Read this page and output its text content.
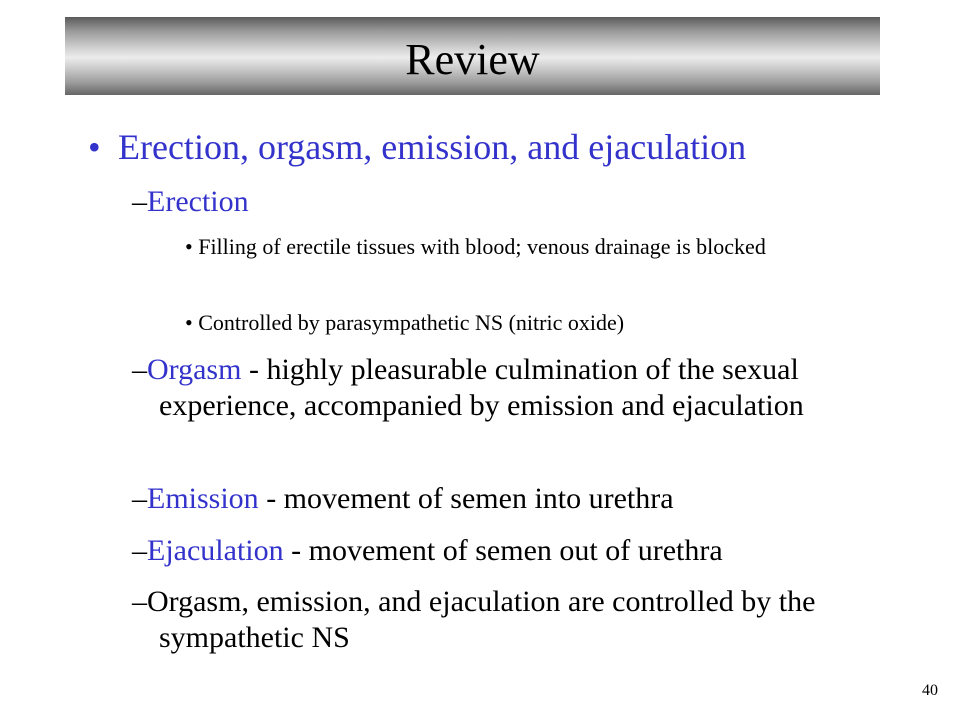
Review
• Erection, orgasm, emission, and ejaculation
–Erection
• Filling of erectile tissues with blood; venous drainage is blocked
• Controlled by parasympathetic NS (nitric oxide)
–Orgasm - highly pleasurable culmination of the sexual experience, accompanied by emission and ejaculation
–Emission - movement of semen into urethra
–Ejaculation - movement of semen out of urethra
–Orgasm, emission, and ejaculation are controlled by the sympathetic NS
40
